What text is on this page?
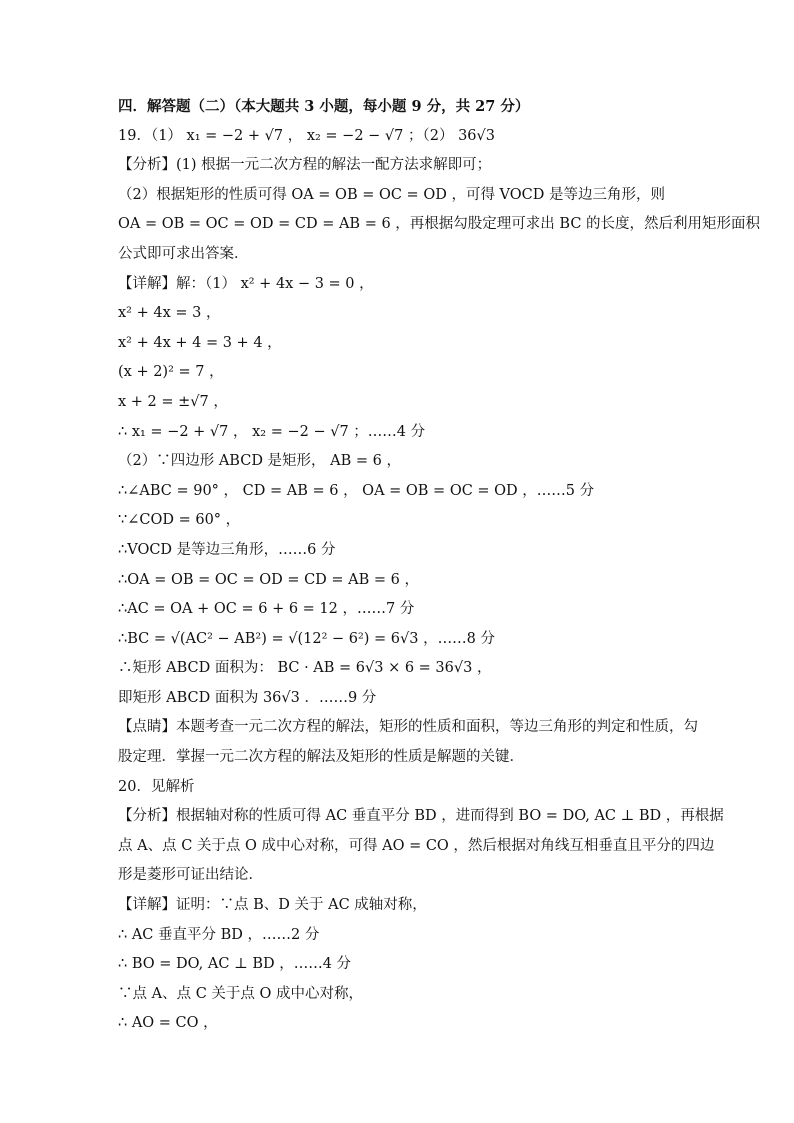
四．解答题（二）（本大题共 3 小题，每小题 9 分，共 27 分）
19．（1） x₁ = −2 + √7 ， x₂ = −2 − √7 ；（2） 36√3
【分析】(1) 根据一元二次方程的解法一配方法求解即可；
（2）根据矩形的性质可得 OA = OB = OC = OD ，可得 VOCD 是等边三角形，则
OA = OB = OC = OD = CD = AB = 6 ，再根据勾股定理可求出 BC 的长度，然后利用矩形面积
公式即可求出答案．
【详解】解：（1） x² + 4x − 3 = 0 ，
x² + 4x = 3 ，
x² + 4x + 4 = 3 + 4 ，
(x + 2)² = 7 ，
x + 2 = ±√7 ，
∴ x₁ = −2 + √7 ， x₂ = −2 − √7 ；……4 分
（2）∵四边形 ABCD 是矩形， AB = 6 ，
∴∠ABC = 90° ， CD = AB = 6 ， OA = OB = OC = OD ，……5 分
∵∠COD = 60° ，
∴VOCD 是等边三角形，……6 分
∴OA = OB = OC = OD = CD = AB = 6 ，
∴AC = OA + OC = 6 + 6 = 12 ，……7 分
∴BC = √(AC² − AB²) = √(12² − 6²) = 6√3 ，……8 分
∴矩形 ABCD 面积为： BC · AB = 6√3 × 6 = 36√3 ，
即矩形 ABCD 面积为 36√3 ．……9 分
【点睛】本题考查一元二次方程的解法，矩形的性质和面积，等边三角形的判定和性质，勾
股定理．掌握一元二次方程的解法及矩形的性质是解题的关键．
20．见解析
【分析】根据轴对称的性质可得 AC 垂直平分 BD ，进而得到 BO = DO, AC ⊥ BD ，再根据
点 A、点 C 关于点 O 成中心对称，可得 AO = CO ，然后根据对角线互相垂直且平分的四边
形是菱形可证出结论．
【详解】证明：∵点 B、D 关于 AC 成轴对称，
∴ AC 垂直平分 BD ，……2 分
∴ BO = DO, AC ⊥ BD ，……4 分
∵点 A、点 C 关于点 O 成中心对称，
∴ AO = CO ，
